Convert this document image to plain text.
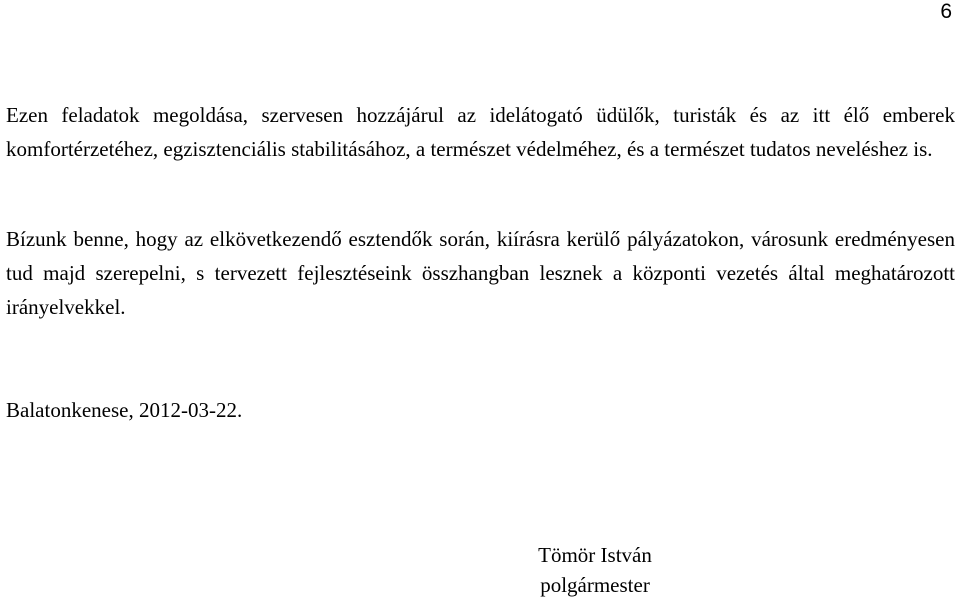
6

Ezen feladatok megoldása, szervesen hozzájárul az idelátogató üdülők, turisták és az itt élő emberek komfortérzetéhez, egzisztenciális stabilitásához, a természet védelméhez, és a természet tudatos neveléshez is.

Bízunk benne, hogy az elkövetkezendő esztendők során, kiírásra kerülő pályázatokon, városunk eredményesen tud majd szerepelni, s tervezett fejlesztéseink összhangban lesznek a központi vezetés által meghatározott irányelvekkel.

Balatonkenese, 2012-03-22.

Tömör István
polgármester
